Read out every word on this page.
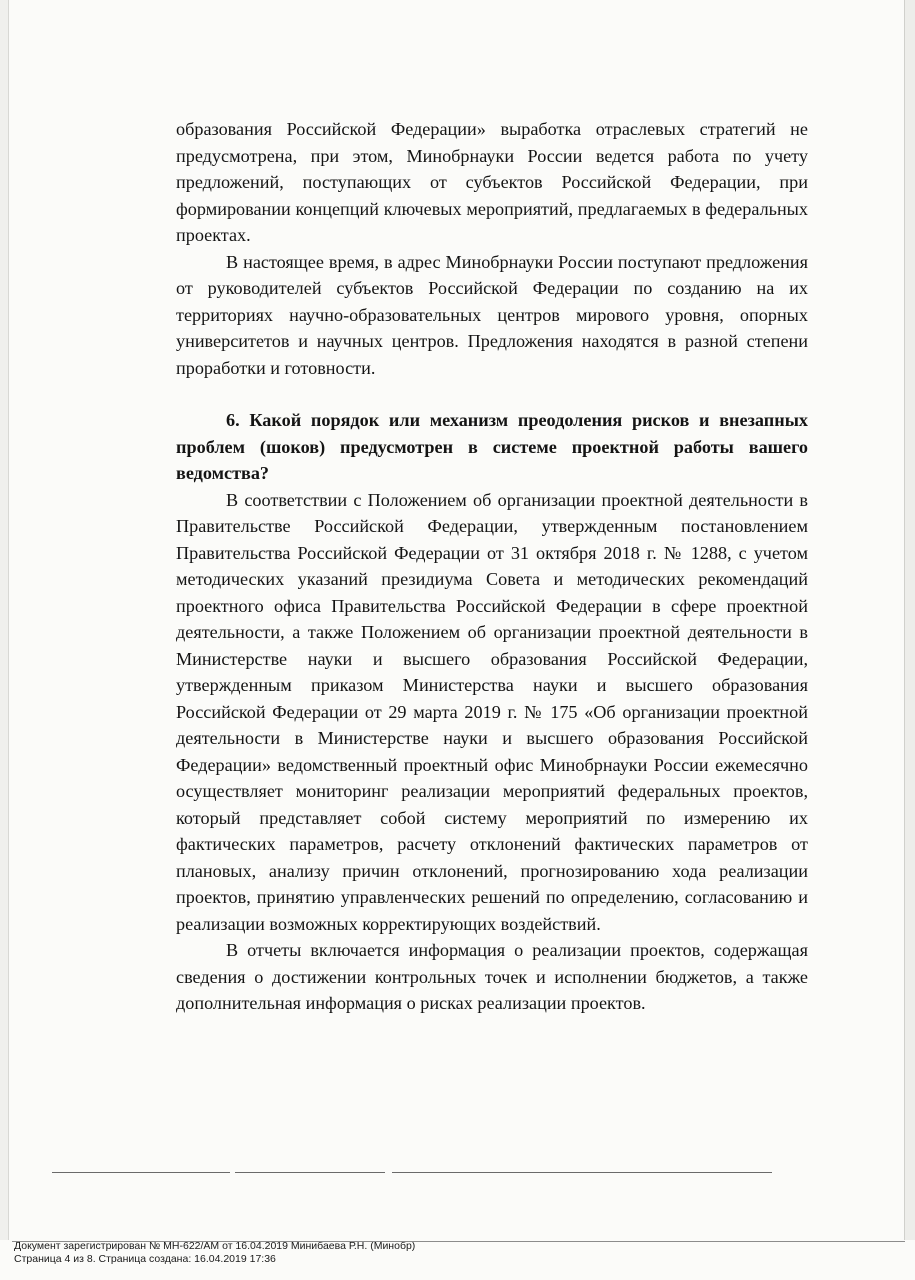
образования Российской Федерации» выработка отраслевых стратегий не предусмотрена, при этом, Минобрнауки России ведется работа по учету предложений, поступающих от субъектов Российской Федерации, при формировании концепций ключевых мероприятий, предлагаемых в федеральных проектах.

В настоящее время, в адрес Минобрнауки России поступают предложения от руководителей субъектов Российской Федерации по созданию на их территориях научно-образовательных центров мирового уровня, опорных университетов и научных центров. Предложения находятся в разной степени проработки и готовности.

6. Какой порядок или механизм преодоления рисков и внезапных проблем (шоков) предусмотрен в системе проектной работы вашего ведомства?

В соответствии с Положением об организации проектной деятельности в Правительстве Российской Федерации, утвержденным постановлением Правительства Российской Федерации от 31 октября 2018 г. № 1288, с учетом методических указаний президиума Совета и методических рекомендаций проектного офиса Правительства Российской Федерации в сфере проектной деятельности, а также Положением об организации проектной деятельности в Министерстве науки и высшего образования Российской Федерации, утвержденным приказом Министерства науки и высшего образования Российской Федерации от 29 марта 2019 г. № 175 «Об организации проектной деятельности в Министерстве науки и высшего образования Российской Федерации» ведомственный проектный офис Минобрнауки России ежемесячно осуществляет мониторинг реализации мероприятий федеральных проектов, который представляет собой систему мероприятий по измерению их фактических параметров, расчету отклонений фактических параметров от плановых, анализу причин отклонений, прогнозированию хода реализации проектов, принятию управленческих решений по определению, согласованию и реализации возможных корректирующих воздействий.

В отчеты включается информация о реализации проектов, содержащая сведения о достижении контрольных точек и исполнении бюджетов, а также дополнительная информация о рисках реализации проектов.

Документ зарегистрирован № МН-622/АМ от 16.04.2019 Минибаева Р.Н. (Минобр)
Страница 4 из 8. Страница создана: 16.04.2019 17:36
